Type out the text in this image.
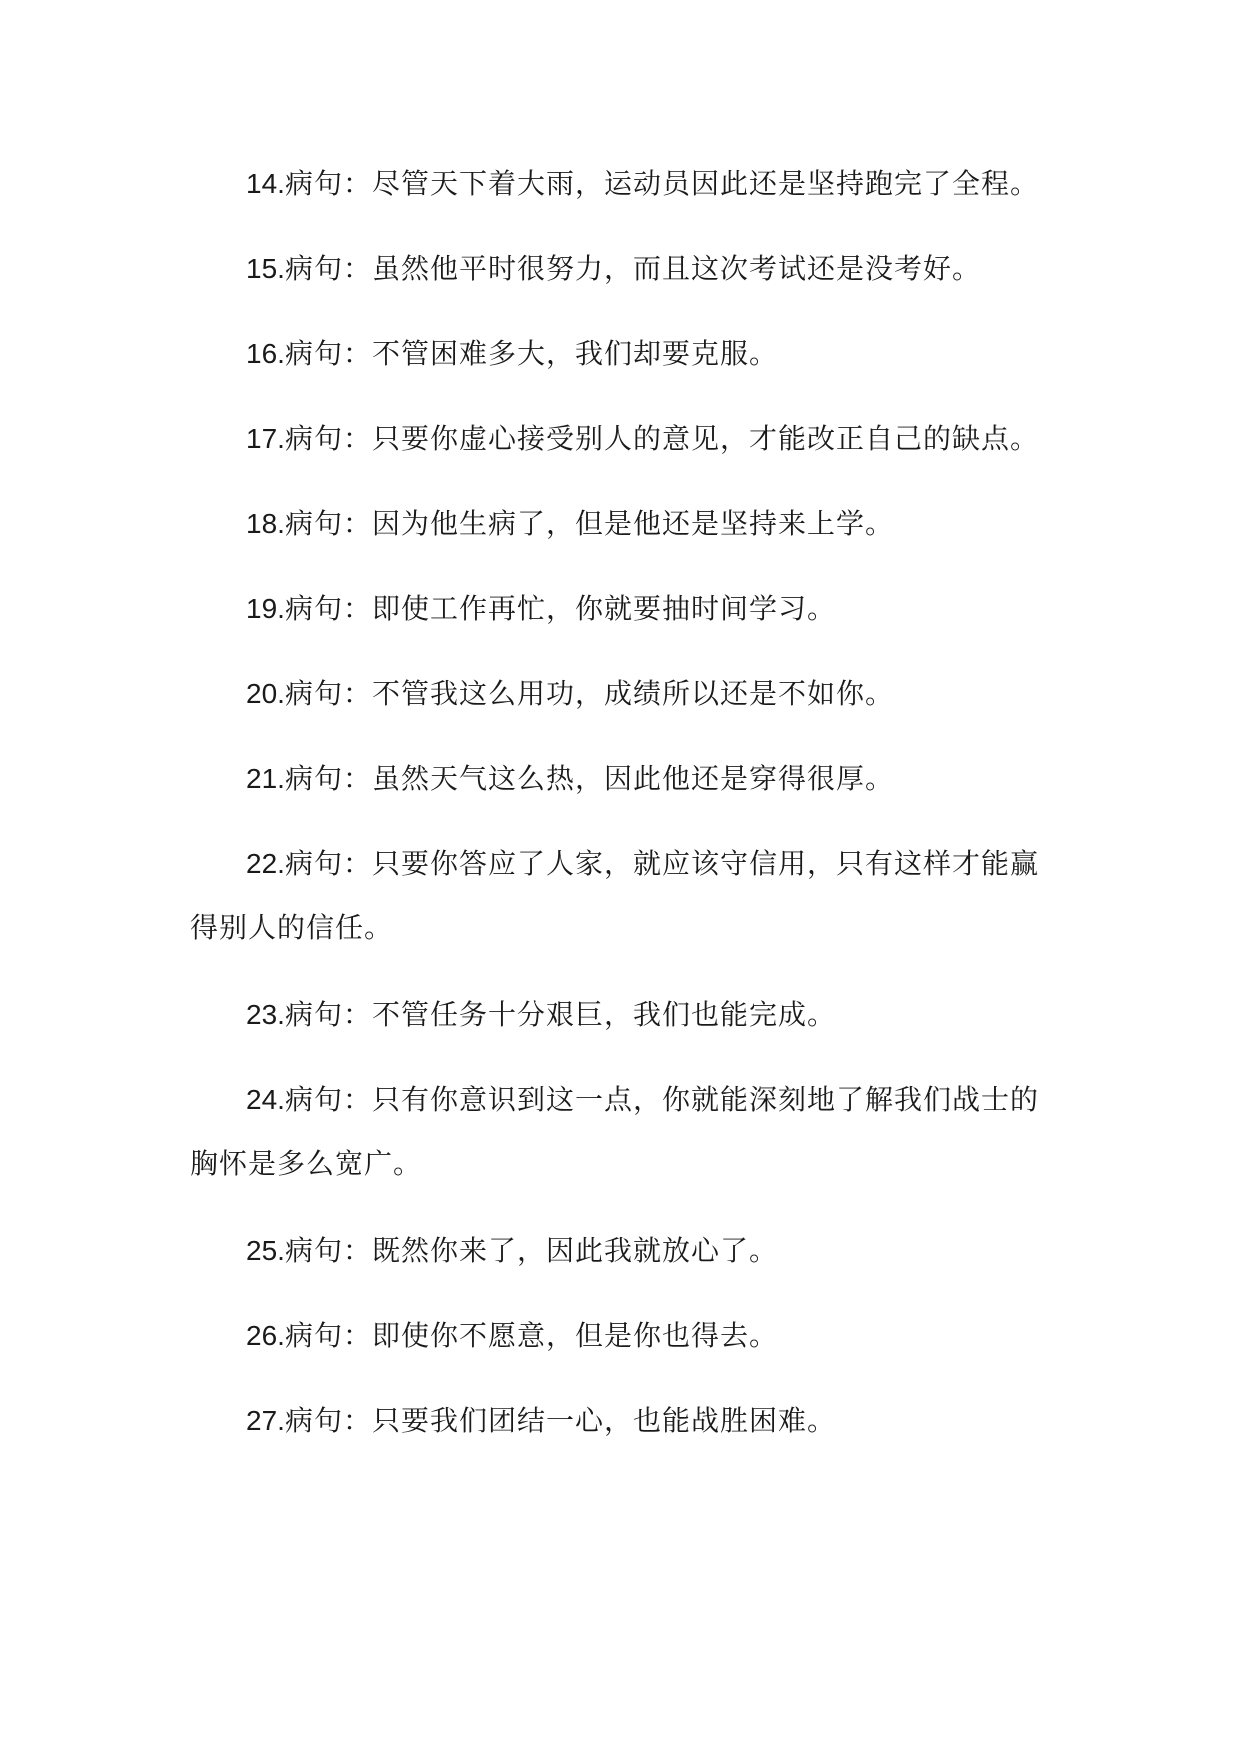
14.病句：尽管天下着大雨，运动员因此还是坚持跑完了全程。

15.病句：虽然他平时很努力，而且这次考试还是没考好。

16.病句：不管困难多大，我们却要克服。

17.病句：只要你虚心接受别人的意见，才能改正自己的缺点。

18.病句：因为他生病了，但是他还是坚持来上学。

19.病句：即使工作再忙，你就要抽时间学习。

20.病句：不管我这么用功，成绩所以还是不如你。

21.病句：虽然天气这么热，因此他还是穿得很厚。

22.病句：只要你答应了人家，就应该守信用，只有这样才能赢得别人的信任。

23.病句：不管任务十分艰巨，我们也能完成。

24.病句：只有你意识到这一点，你就能深刻地了解我们战士的胸怀是多么宽广。

25.病句：既然你来了，因此我就放心了。

26.病句：即使你不愿意，但是你也得去。

27.病句：只要我们团结一心，也能战胜困难。
